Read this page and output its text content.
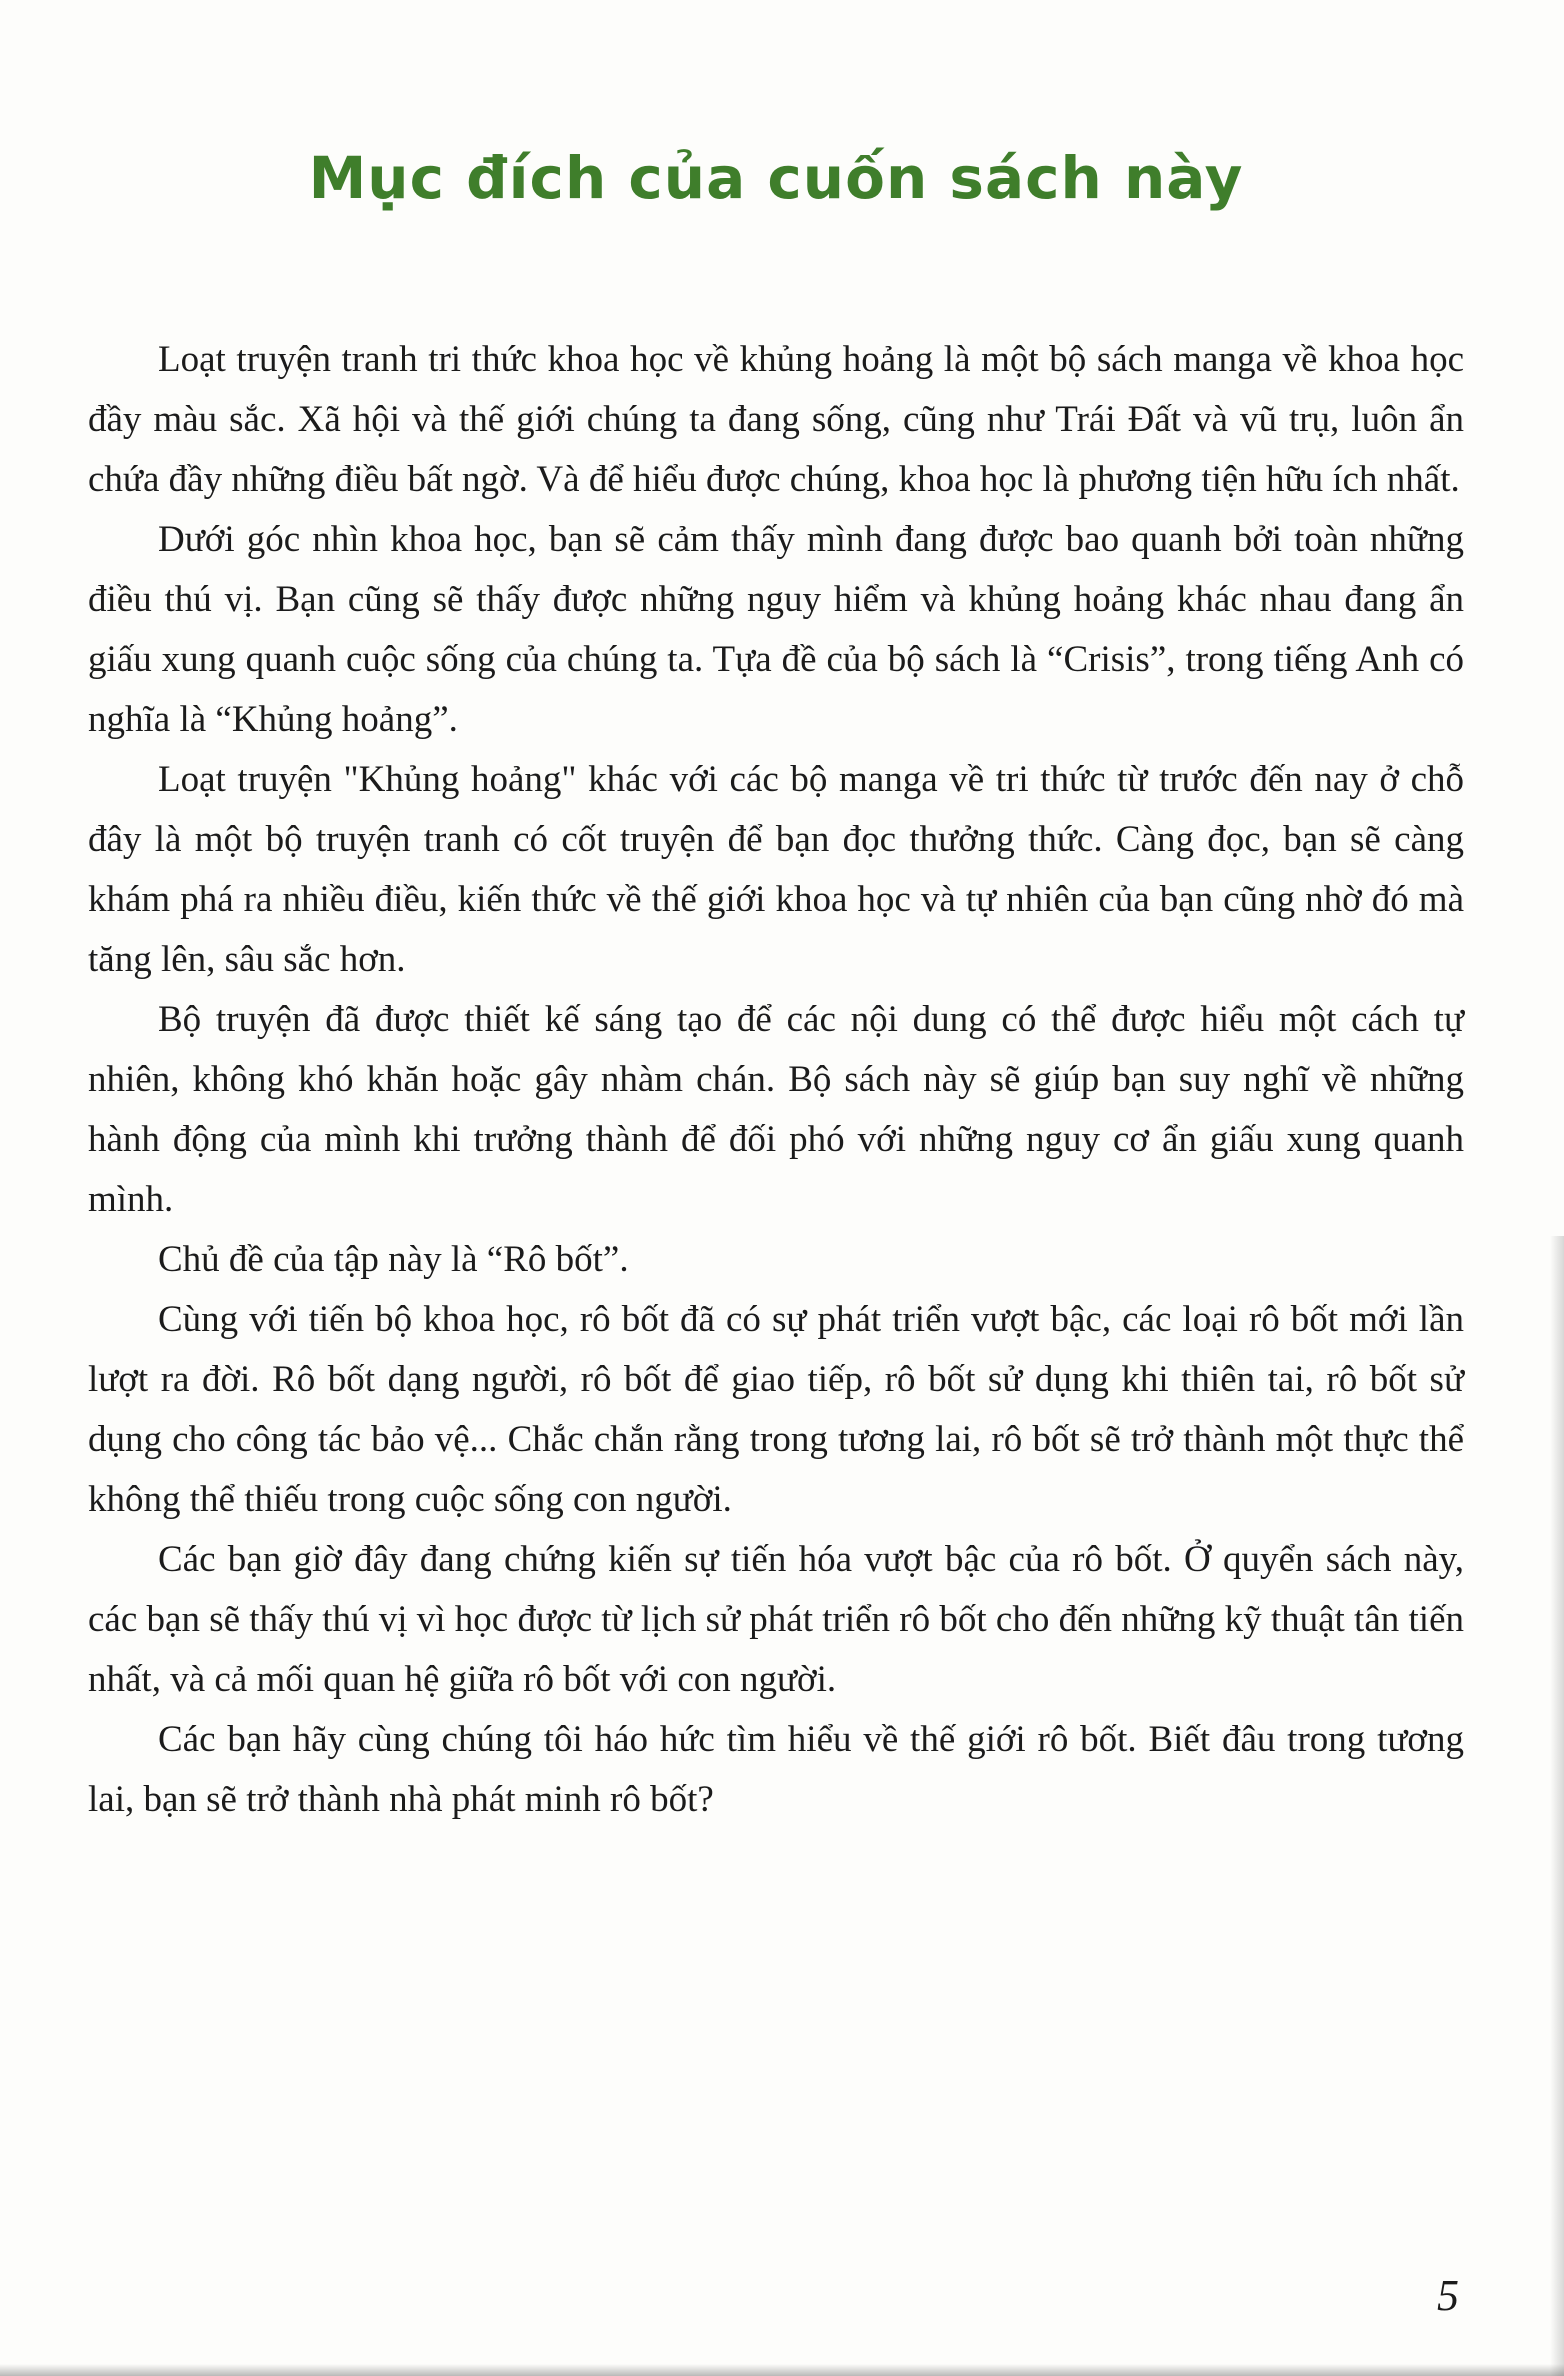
Mục đích của cuốn sách này

Loạt truyện tranh tri thức khoa học về khủng hoảng là một bộ sách manga về khoa học đầy màu sắc. Xã hội và thế giới chúng ta đang sống, cũng như Trái Đất và vũ trụ, luôn ẩn chứa đầy những điều bất ngờ. Và để hiểu được chúng, khoa học là phương tiện hữu ích nhất.

Dưới góc nhìn khoa học, bạn sẽ cảm thấy mình đang được bao quanh bởi toàn những điều thú vị. Bạn cũng sẽ thấy được những nguy hiểm và khủng hoảng khác nhau đang ẩn giấu xung quanh cuộc sống của chúng ta. Tựa đề của bộ sách là “Crisis”, trong tiếng Anh có nghĩa là “Khủng hoảng”.

Loạt truyện "Khủng hoảng" khác với các bộ manga về tri thức từ trước đến nay ở chỗ đây là một bộ truyện tranh có cốt truyện để bạn đọc thưởng thức. Càng đọc, bạn sẽ càng khám phá ra nhiều điều, kiến thức về thế giới khoa học và tự nhiên của bạn cũng nhờ đó mà tăng lên, sâu sắc hơn.

Bộ truyện đã được thiết kế sáng tạo để các nội dung có thể được hiểu một cách tự nhiên, không khó khăn hoặc gây nhàm chán. Bộ sách này sẽ giúp bạn suy nghĩ về những hành động của mình khi trưởng thành để đối phó với những nguy cơ ẩn giấu xung quanh mình.

Chủ đề của tập này là “Rô bốt”.

Cùng với tiến bộ khoa học, rô bốt đã có sự phát triển vượt bậc, các loại rô bốt mới lần lượt ra đời. Rô bốt dạng người, rô bốt để giao tiếp, rô bốt sử dụng khi thiên tai, rô bốt sử dụng cho công tác bảo vệ... Chắc chắn rằng trong tương lai, rô bốt sẽ trở thành một thực thể không thể thiếu trong cuộc sống con người.

Các bạn giờ đây đang chứng kiến sự tiến hóa vượt bậc của rô bốt. Ở quyển sách này, các bạn sẽ thấy thú vị vì học được từ lịch sử phát triển rô bốt cho đến những kỹ thuật tân tiến nhất, và cả mối quan hệ giữa rô bốt với con người.

Các bạn hãy cùng chúng tôi háo hức tìm hiểu về thế giới rô bốt. Biết đâu trong tương lai, bạn sẽ trở thành nhà phát minh rô bốt?

5
